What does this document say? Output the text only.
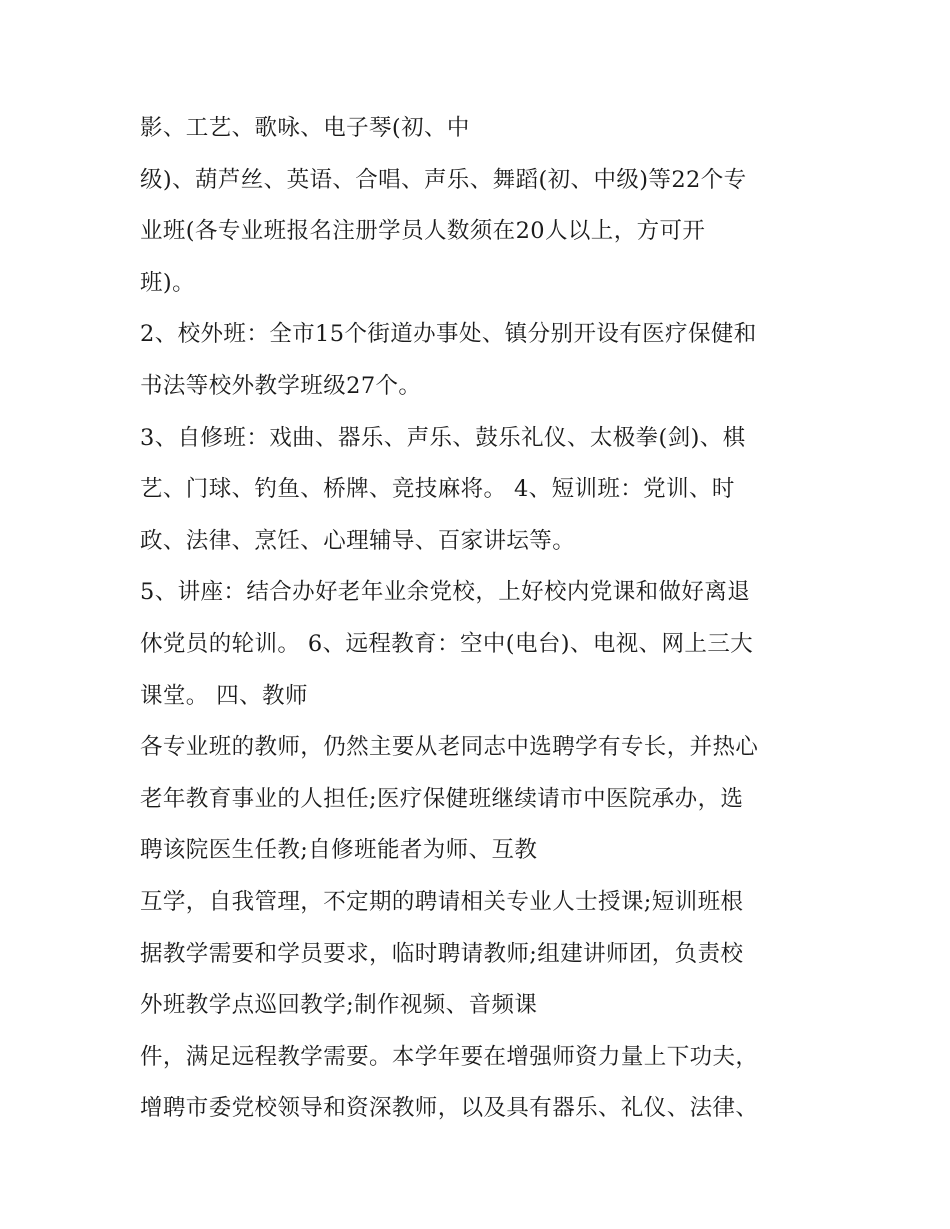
影、工艺、歌咏、电子琴(初、中
级)、葫芦丝、英语、合唱、声乐、舞蹈(初、中级)等22个专
业班(各专业班报名注册学员人数须在20人以上，方可开
班)。
2、校外班：全市15个街道办事处、镇分别开设有医疗保健和
书法等校外教学班级27个。
3、自修班：戏曲、器乐、声乐、鼓乐礼仪、太极拳(剑)、棋
艺、门球、钓鱼、桥牌、竞技麻将。 4、短训班：党训、时
政、法律、烹饪、心理辅导、百家讲坛等。
5、讲座：结合办好老年业余党校，上好校内党课和做好离退
休党员的轮训。 6、远程教育：空中(电台)、电视、网上三大
课堂。 四、教师
各专业班的教师，仍然主要从老同志中选聘学有专长，并热心
老年教育事业的人担任;医疗保健班继续请市中医院承办，选
聘该院医生任教;自修班能者为师、互教
互学，自我管理，不定期的聘请相关专业人士授课;短训班根
据教学需要和学员要求，临时聘请教师;组建讲师团，负责校
外班教学点巡回教学;制作视频、音频课
件，满足远程教学需要。本学年要在增强师资力量上下功夫，
增聘市委党校领导和资深教师，以及具有器乐、礼仪、法律、
